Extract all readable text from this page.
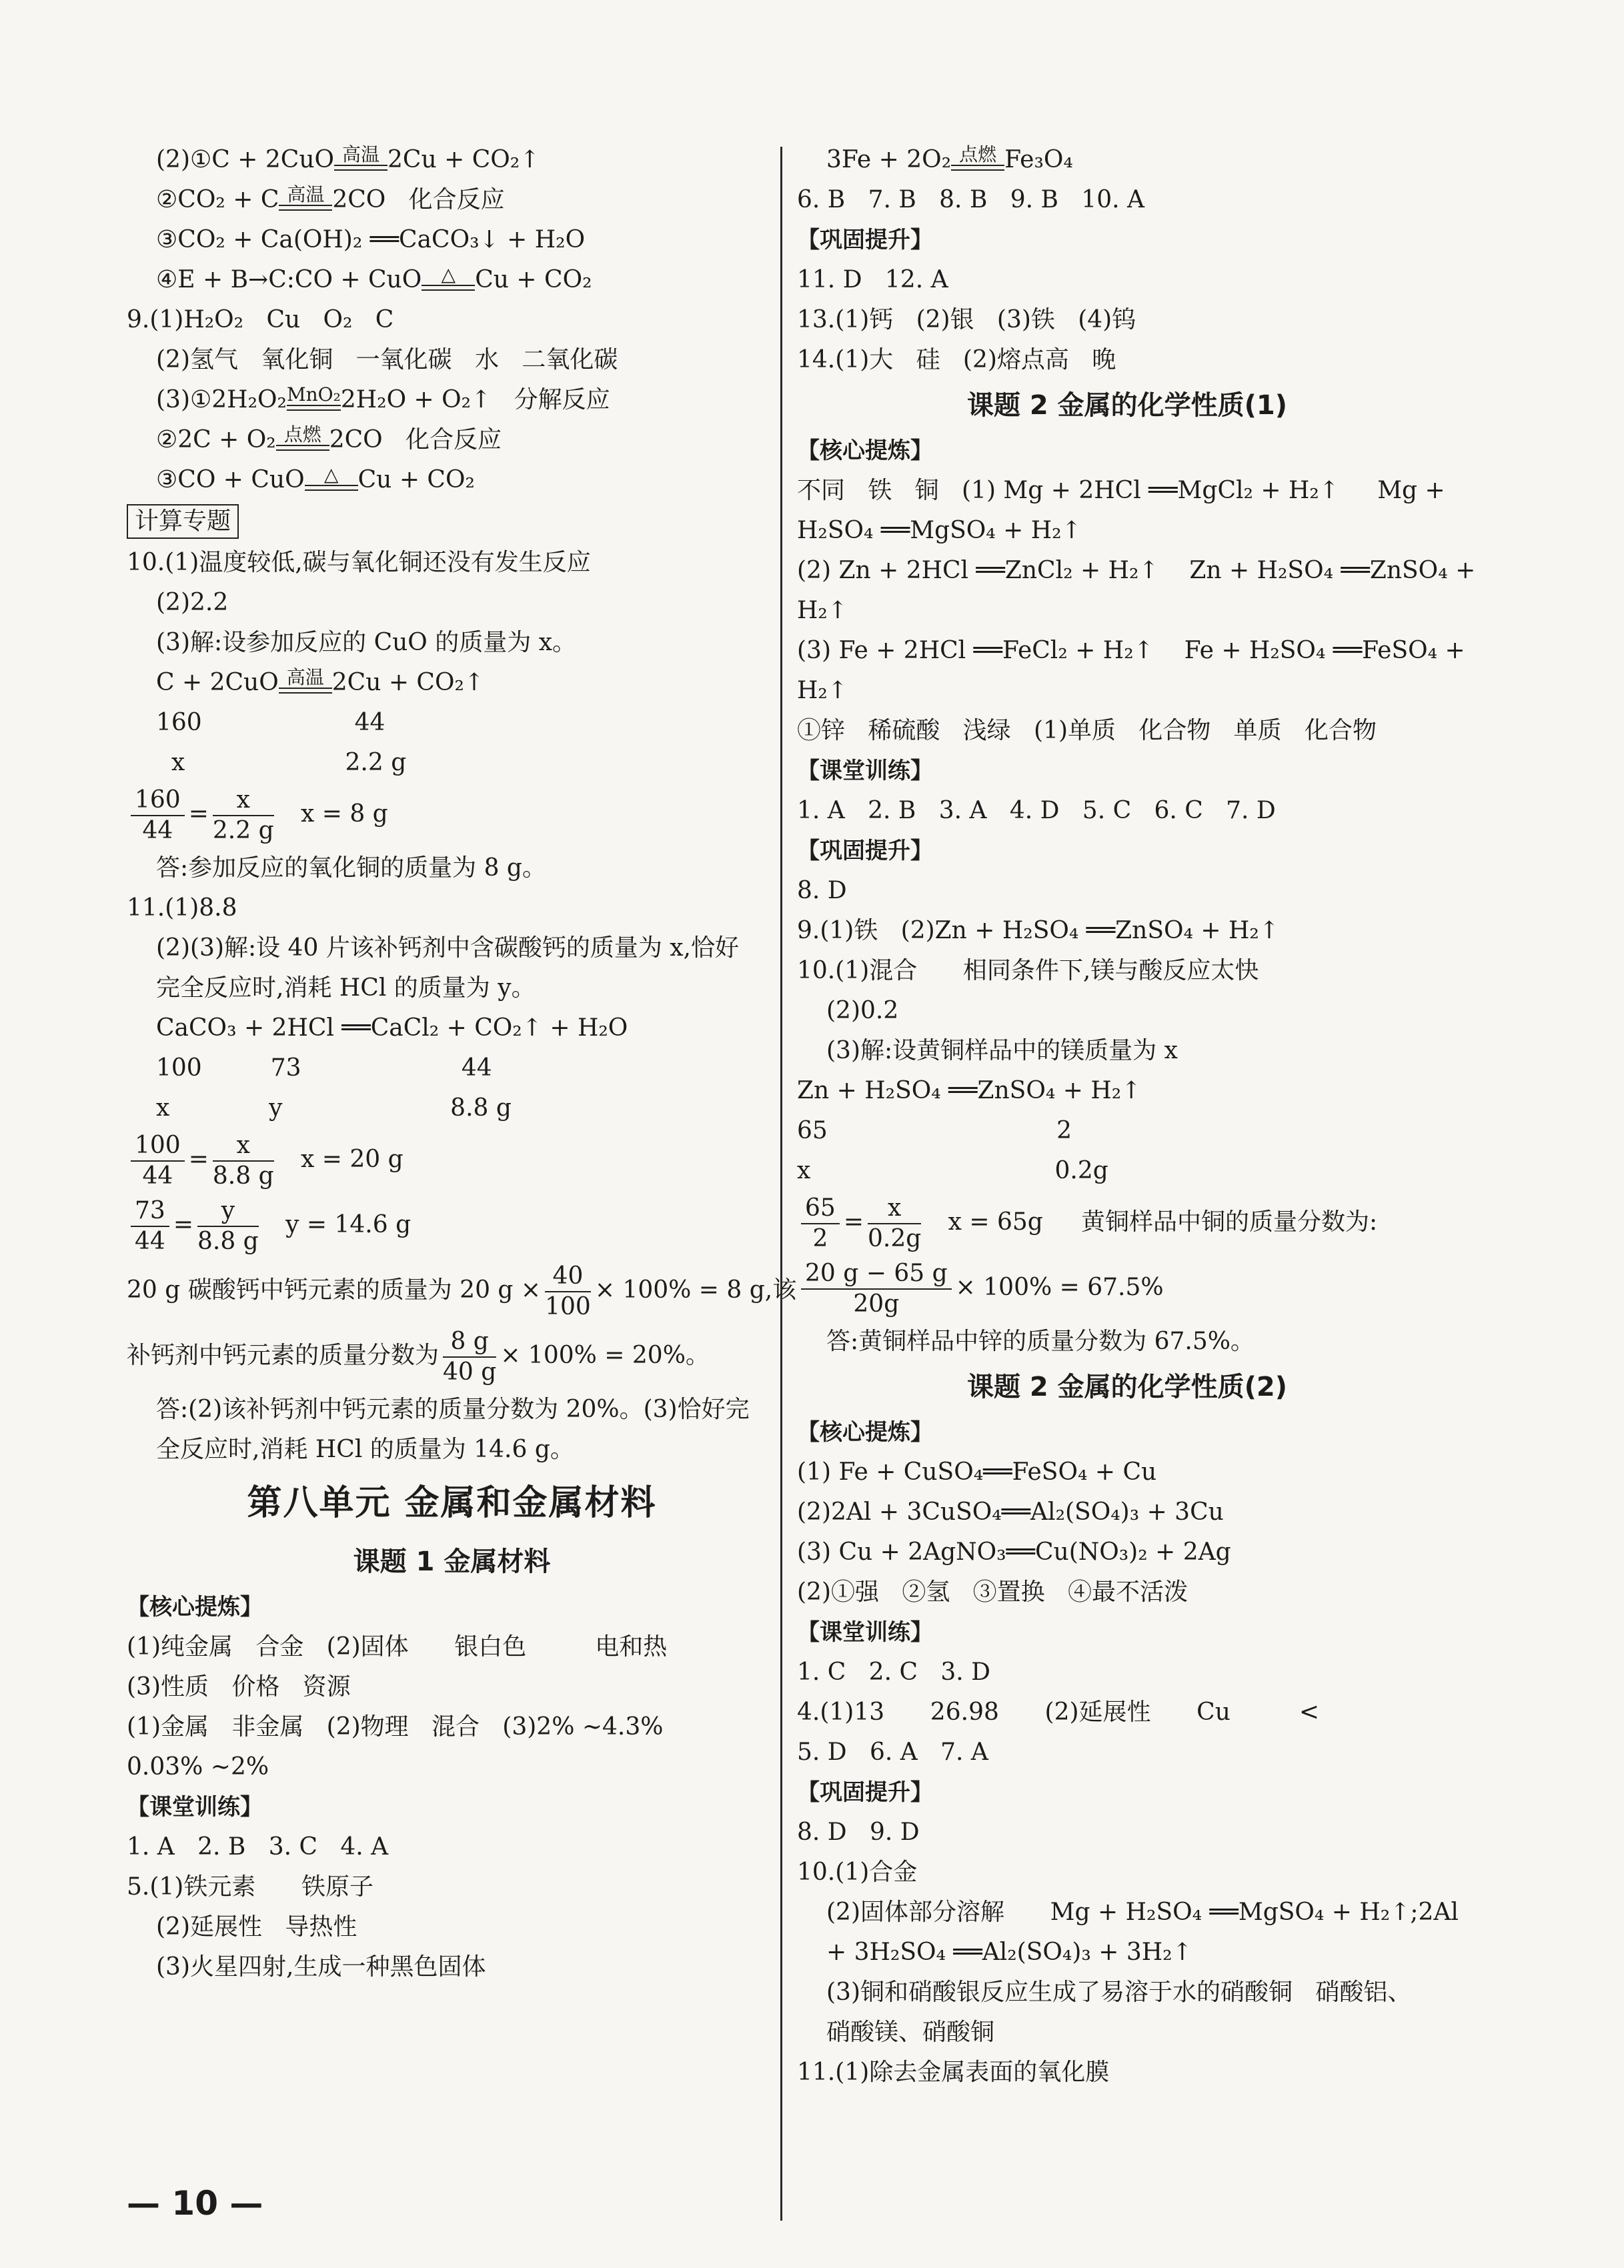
(2)①C + 2CuO 高温 2Cu + CO₂↑
②CO₂ + C 高温 2CO   化合反应
③CO₂ + Ca(OH)₂ ══CaCO₃↓ + H₂O
④E + B→C:CO + CuO	△ Cu + CO₂
9.(1)H₂O₂   Cu   O₂   C
(2)氢气   氧化铜   一氧化碳   水   二氧化碳
(3)①2H₂O₂ MnO₂ 2H₂O + O₂↑   分解反应
②2C + O₂ 点燃 2CO   化合反应
③CO + CuO	△ Cu + CO₂
计算专题
10.(1)温度较低,碳与氧化铜还没有发生反应
(2)2.2
(3)解:设参加反应的 CuO 的质量为 x。
C + 2CuO 高温 2Cu + CO₂↑
160                    44
x                     2.2 g
$\frac{160}{44} = \frac{x}{2.2 g}$ x = 8 g
答:参加反应的氧化铜的质量为 8 g。
11.(1)8.8
(2)(3)解:设 40 片该补钙剂中含碳酸钙的质量为 x,恰好
完全反应时,消耗 HCl 的质量为 y。
CaCO₃ + 2HCl ══CaCl₂ + CO₂↑ + H₂O
100         73                     44
x             y                      8.8 g
$\frac{100}{44} = \frac{x}{8.8 g}$ x = 20 g
$\frac{73}{44} = \frac{y}{8.8 g}$ y = 14.6 g
20 g 碳酸钙中钙元素的质量为 20 $g \times \frac{40}{100} \times 100\% = 8$ g,该
补钙剂中钙元素的质量分数为 $\frac{8 g}{40 g} \times 100\% = 20\%$。
答:(2)该补钙剂中钙元素的质量分数为 20%。(3)恰好完
全反应时,消耗 HCl 的质量为 14.6 g。
第八单元 金属和金属材料
课题 1 金属材料
【核心提炼】
(1)纯金属   合金   (2)固体      银白色         电和热
(3)性质   价格   资源
(1)金属   非金属   (2)物理   混合   (3)2% ~4.3%
0.03% ~2%
【课堂训练】
1. A   2. B   3. C   4. A
5.(1)铁元素      铁原子
(2)延展性   导热性
(3)火星四射,生成一种黑色固体
3Fe + 2O₂ 点燃 Fe₃O₄
6. B   7. B   8. B   9. B   10. A
【巩固提升】
11. D   12. A
13.(1)钙   (2)银   (3)铁   (4)钨
14.(1)大   硅   (2)熔点高   晚
课题 2 金属的化学性质(1)
【核心提炼】
不同   铁   铜   (1) Mg + 2HCl ══MgCl₂ + H₂↑     Mg +
H₂SO₄ ══MgSO₄ + H₂↑
(2) Zn + 2HCl ══ZnCl₂ + H₂↑    Zn + H₂SO₄ ══ZnSO₄ +
H₂↑
(3) Fe + 2HCl ══FeCl₂ + H₂↑    Fe + H₂SO₄ ══FeSO₄ +
H₂↑
①锌   稀硫酸   浅绿   (1)单质   化合物   单质   化合物
【课堂训练】
1. A   2. B   3. A   4. D   5. C   6. C   7. D
【巩固提升】
8. D
9.(1)铁   (2)Zn + H₂SO₄ ══ZnSO₄ + H₂↑
10.(1)混合      相同条件下,镁与酸反应太快
(2)0.2
(3)解:设黄铜样品中的镁质量为 x
Zn + H₂SO₄ ══ZnSO₄ + H₂↑
65                              2
x                                0.2g
$\frac{65}{2} = \frac{x}{0.2g}$ x = 65g     黄铜样品中铜的质量分数为:
$\frac{20 g - 65 g}{20g} \times 100\% = 67.5\%$
答:黄铜样品中锌的质量分数为 67.5%。
课题 2 金属的化学性质(2)
【核心提炼】
(1) Fe + CuSO₄══FeSO₄ + Cu
(2)2Al + 3CuSO₄══Al₂(SO₄)₃ + 3Cu
(3) Cu + 2AgNO₃══Cu(NO₃)₂ + 2Ag
(2)①强   ②氢   ③置换   ④最不活泼
【课堂训练】
1. C   2. C   3. D
4.(1)13      26.98      (2)延展性      Cu         <
5. D   6. A   7. A
【巩固提升】
8. D   9. D
10.(1)合金
(2)固体部分溶解      Mg + H₂SO₄ ══MgSO₄ + H₂↑;2Al
+ 3H₂SO₄ ══Al₂(SO₄)₃ + 3H₂↑
(3)铜和硝酸银反应生成了易溶于水的硝酸铜   硝酸铝、
硝酸镁、硝酸铜
11.(1)除去金属表面的氧化膜
— 10 —
